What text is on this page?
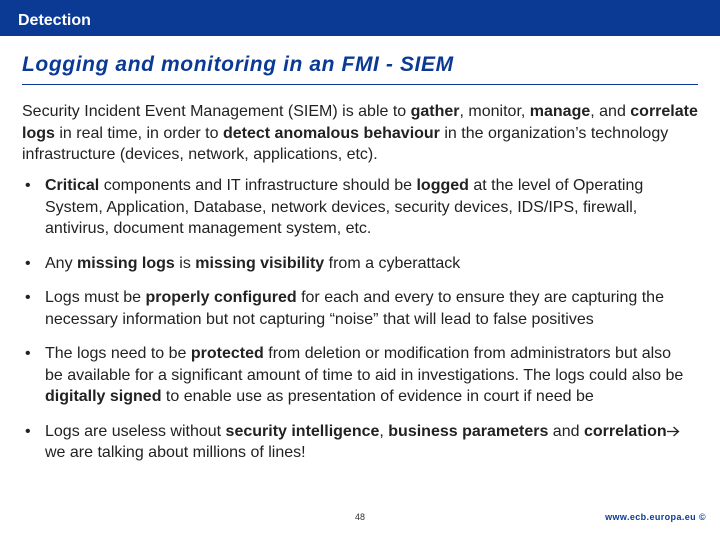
Detection
Logging and monitoring in an FMI - SIEM
Security Incident Event Management (SIEM) is able to gather, monitor, manage, and correlate logs in real time, in order to detect anomalous behaviour in the organization’s technology infrastructure (devices, network, applications, etc).
• Critical components and IT infrastructure should be logged at the level of Operating System, Application, Database, network devices, security devices, IDS/IPS, firewall, antivirus, document management system, etc.
• Any missing logs is missing visibility from a cyberattack
• Logs must be properly configured for each and every to ensure they are capturing the necessary information but not capturing “noise” that will lead to false positives
• The logs need to be protected from deletion or modification from administrators but also be available for a significant amount of time to aid in investigations. The logs could also be digitally signed to enable use as presentation of evidence in court if need be
• Logs are useless without security intelligence, business parameters and correlationwe are talking about millions of lines!
48	www.ecb.europa.eu ©
